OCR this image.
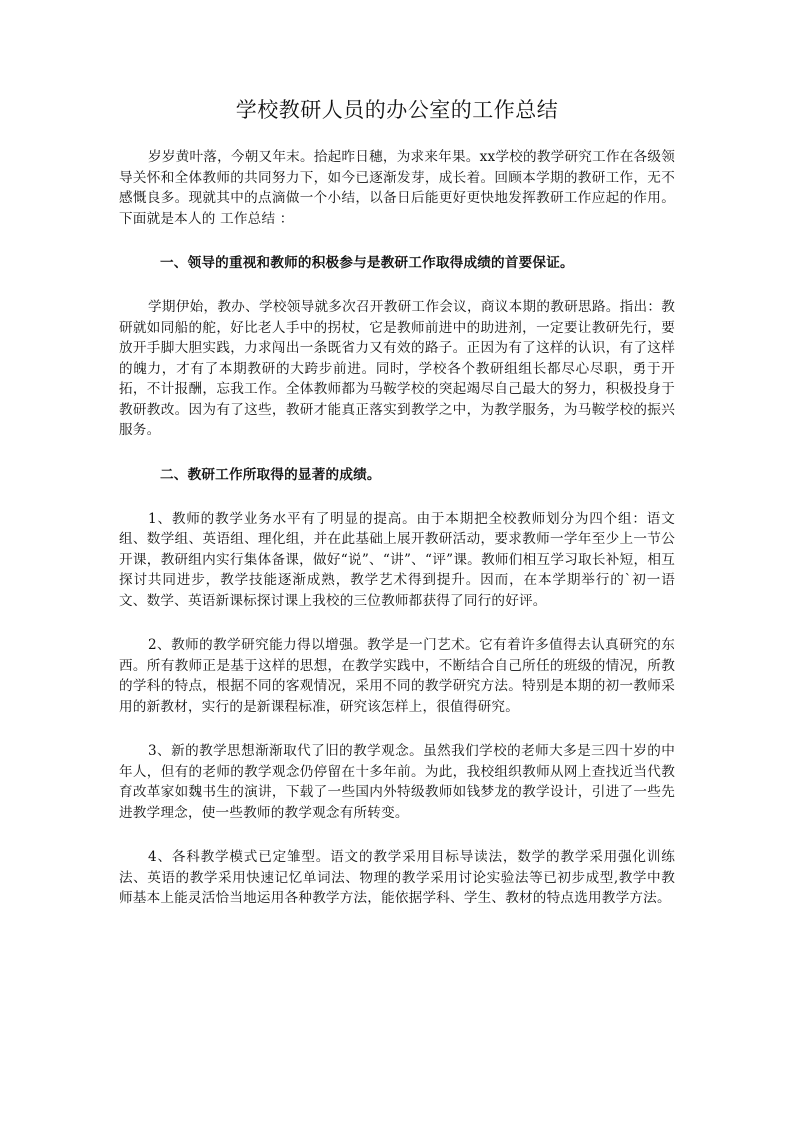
学校教研人员的办公室的工作总结

岁岁黄叶落，今朝又年末。拾起昨日穗，为求来年果。xx学校的教学研究工作在各级领导关怀和全体教师的共同努力下，如今已逐渐发芽，成长着。回顾本学期的教研工作，无不感慨良多。现就其中的点滴做一个小结，以备日后能更好更快地发挥教研工作应起的作用。下面就是本人的 工作总结 ：

一、领导的重视和教师的积极参与是教研工作取得成绩的首要保证。

学期伊始，教办、学校领导就多次召开教研工作会议，商议本期的教研思路。指出：教研就如同船的舵，好比老人手中的拐杖，它是教师前进中的助进剂，一定要让教研先行，要放开手脚大胆实践，力求闯出一条既省力又有效的路子。正因为有了这样的认识，有了这样的魄力，才有了本期教研的大跨步前进。同时，学校各个教研组组长都尽心尽职，勇于开拓，不计报酬，忘我工作。全体教师都为马鞍学校的突起竭尽自己最大的努力，积极投身于教研教改。因为有了这些，教研才能真正落实到教学之中，为教学服务，为马鞍学校的振兴服务。

二、教研工作所取得的显著的成绩。

1、教师的教学业务水平有了明显的提高。由于本期把全校教师划分为四个组：语文组、数学组、英语组、理化组，并在此基础上展开教研活动，要求教师一学年至少上一节公开课，教研组内实行集体备课，做好“说”、“讲”、“评”课。教师们相互学习取长补短，相互探讨共同进步，教学技能逐渐成熟，教学艺术得到提升。因而，在本学期举行的`初一语文、数学、英语新课标探讨课上我校的三位教师都获得了同行的好评。

2、教师的教学研究能力得以增强。教学是一门艺术。它有着许多值得去认真研究的东西。所有教师正是基于这样的思想，在教学实践中，不断结合自己所任的班级的情况，所教的学科的特点，根据不同的客观情况，采用不同的教学研究方法。特别是本期的初一教师采用的新教材，实行的是新课程标准，研究该怎样上，很值得研究。

3、新的教学思想渐渐取代了旧的教学观念。虽然我们学校的老师大多是三四十岁的中年人，但有的老师的教学观念仍停留在十多年前。为此，我校组织教师从网上查找近当代教育改革家如魏书生的演讲，下载了一些国内外特级教师如钱梦龙的教学设计，引进了一些先进教学理念，使一些教师的教学观念有所转变。

4、各科教学模式已定雏型。语文的教学采用目标导读法，数学的教学采用强化训练法、英语的教学采用快速记忆单词法、物理的教学采用讨论实验法等已初步成型,教学中教师基本上能灵活恰当地运用各种教学方法，能依据学科、学生、教材的特点选用教学方法。
